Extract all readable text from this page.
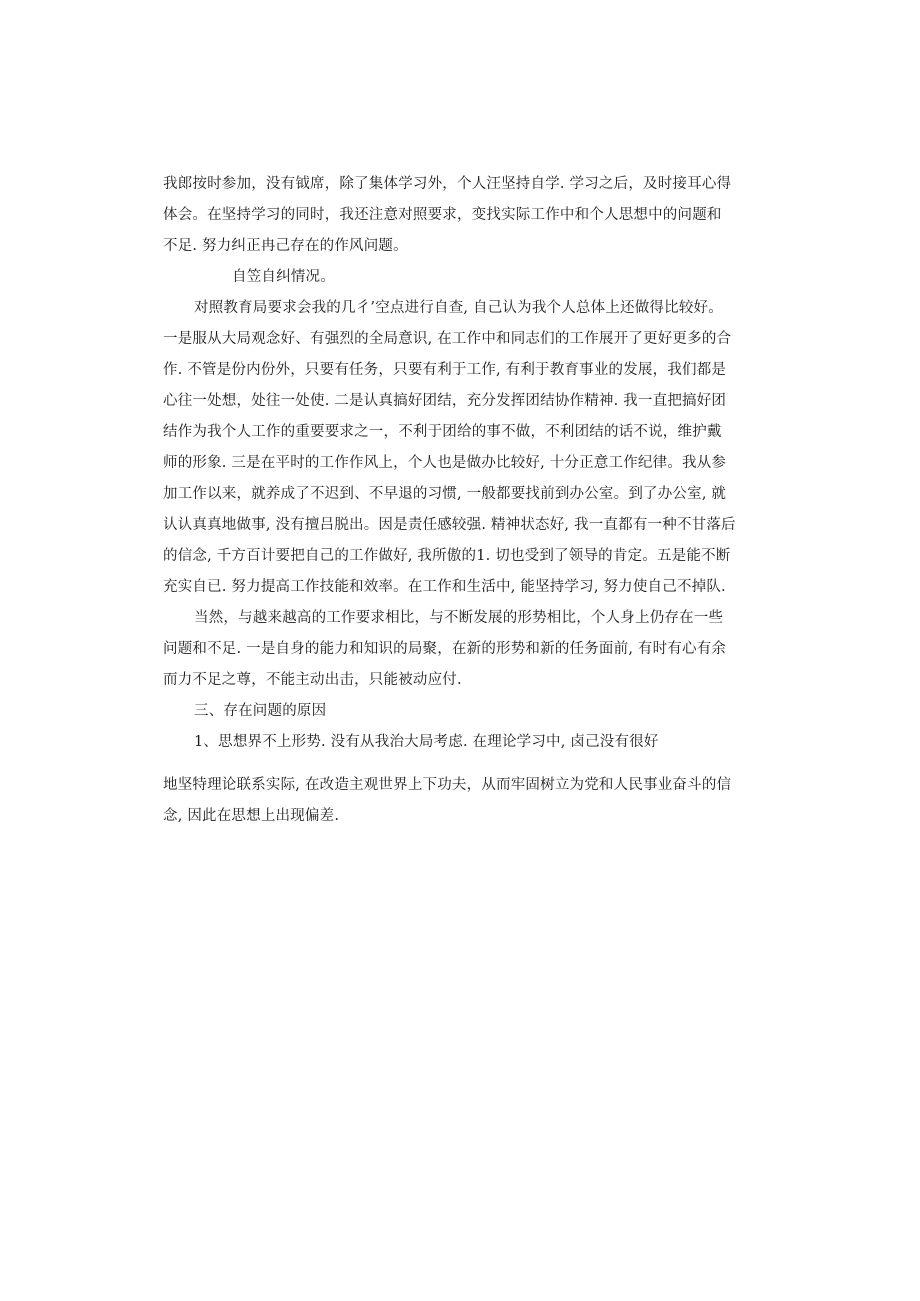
我郎按时参加，没有钺席，除了集体学习外，个人汪坚持自学. 学习之后，及时接耳心得
体会。在坚持学习的同时，我还注意对照要求，变找实际工作中和个人思想中的问题和
不足. 努力纠正冉己存在的作风问题。
自笠自纠情况。
对照教育局要求会我的几彳’空点进行自查, 自己认为我个人总体上还做得比较好。
一是服从大局观念好、有强烈的全局意识, 在工作中和同志们的工作展开了更好更多的合
作. 不管是份内份外，只要有任务，只要有利于工作, 有利于教育事业的发展，我们都是
心往一处想，处往一处使. 二是认真搞好团结，充分发挥团结协作精神. 我一直把搞好团
结作为我个人工作的重要要求之一，不利于团给的事不做，不利团结的话不说，维护戴
师的形象. 三是在平时的工作作风上，个人也是做办比较好, 十分正意工作纪律。我从参
加工作以来，就养成了不迟到、不早退的习惯, 一般都要找前到办公室。到了办公室, 就
认认真真地做事, 没有擅吕脱出。因是责任感较强. 精神状态好, 我一直都有一种不甘落后
的信念, 千方百计要把自己的工作做好, 我所傲的1. 切也受到了领导的肯定。五是能不断
充实自已. 努力提高工作技能和效率。在工作和生活中, 能坚持学习, 努力使自己不掉队.
当然，与越来越高的工作要求相比，与不断发展的形势相比，个人身上仍存在一些
问题和不足. 一是自身的能力和知识的局聚，在新的形势和新的任务面前, 有时有心有余
而力不足之尊，不能主动出击，只能被动应付.
三、存在问题的原因
1、思想界不上形势. 没有从我治大局考虑. 在理论学习中, 卤己没有很好
地坚特理论联系实际, 在改造主观世界上下功夫，从而牢固树立为党和人民事业奋斗的信
念, 因此在思想上出现偏差.
